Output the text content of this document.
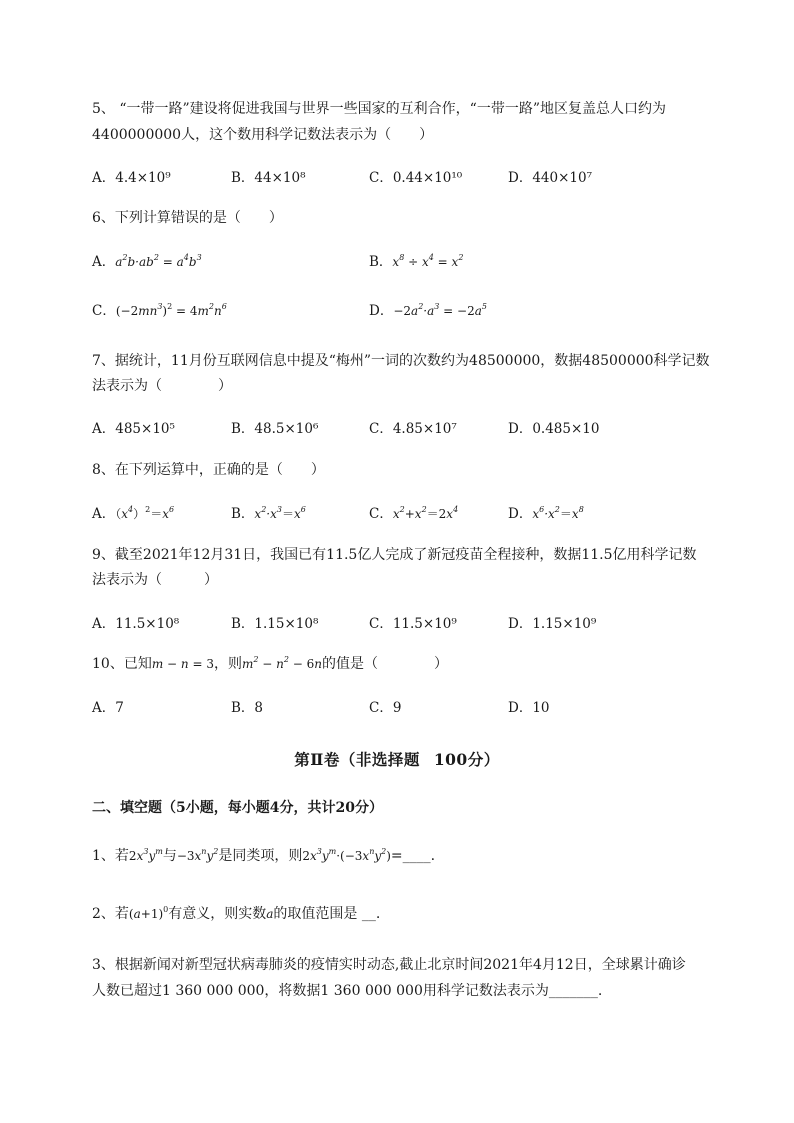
5、 “一带一路”建设将促进我国与世界一些国家的互利合作，“一带一路”地区复盖总人口约为
4400000000人，这个数用科学记数法表示为（　　）
A．4.4×10⁹	B．44×10⁸	C．0.44×10¹⁰	D．440×10⁷
6、下列计算错误的是（　　）
A．$a^2b\cdot ab^2 = a^4b^3$	B．$x^8 \div x^4 = x^2$
C．$(-2mn^3)^2 = 4m^2n^6$	D．$-2a^2\cdot a^3 = -2a^5$
7、据统计，11月份互联网信息中提及“梅州”一词的次数约为48500000，数据48500000科学记数
法表示为（　　　　）
A．485×10⁵	B．48.5×10⁶	C．4.85×10⁷	D．0.485×10
8、在下列运算中，正确的是（　　）
A．$(x^4)^2=x^6$	B．$x^2\cdot x^3=x^6$	C．$x^2+x^2=2x^4$	D．$x^6\cdot x^2=x^8$
9、截至2021年12月31日，我国已有11.5亿人完成了新冠疫苗全程接种，数据11.5亿用科学记数
法表示为（　　　）
A．11.5×10⁸	B．1.15×10⁸	C．11.5×10⁹	D．1.15×10⁹
10、已知m − n = 3，则$m^2 - n^2 - 6n$的值是（　　　　）
A．7	B．8	C．9	D．10
第Ⅱ卷（非选择题 100分）
二、填空题（5小题，每小题4分，共计20分）
1、若$2x^3y^m$与$-3x^ny^2$是同类项，则$2x^3y^m\cdot(-3x^ny^2)=\_\_\_\_$.
2、若$(a+1)^0$有意义，则实数a的取值范围是 __.
3、根据新闻对新型冠状病毒肺炎的疫情实时动态,截止北京时间2021年4月12日，全球累计确诊
人数已超过1 360 000 000，将数据1 360 000 000用科学记数法表示为_______.
